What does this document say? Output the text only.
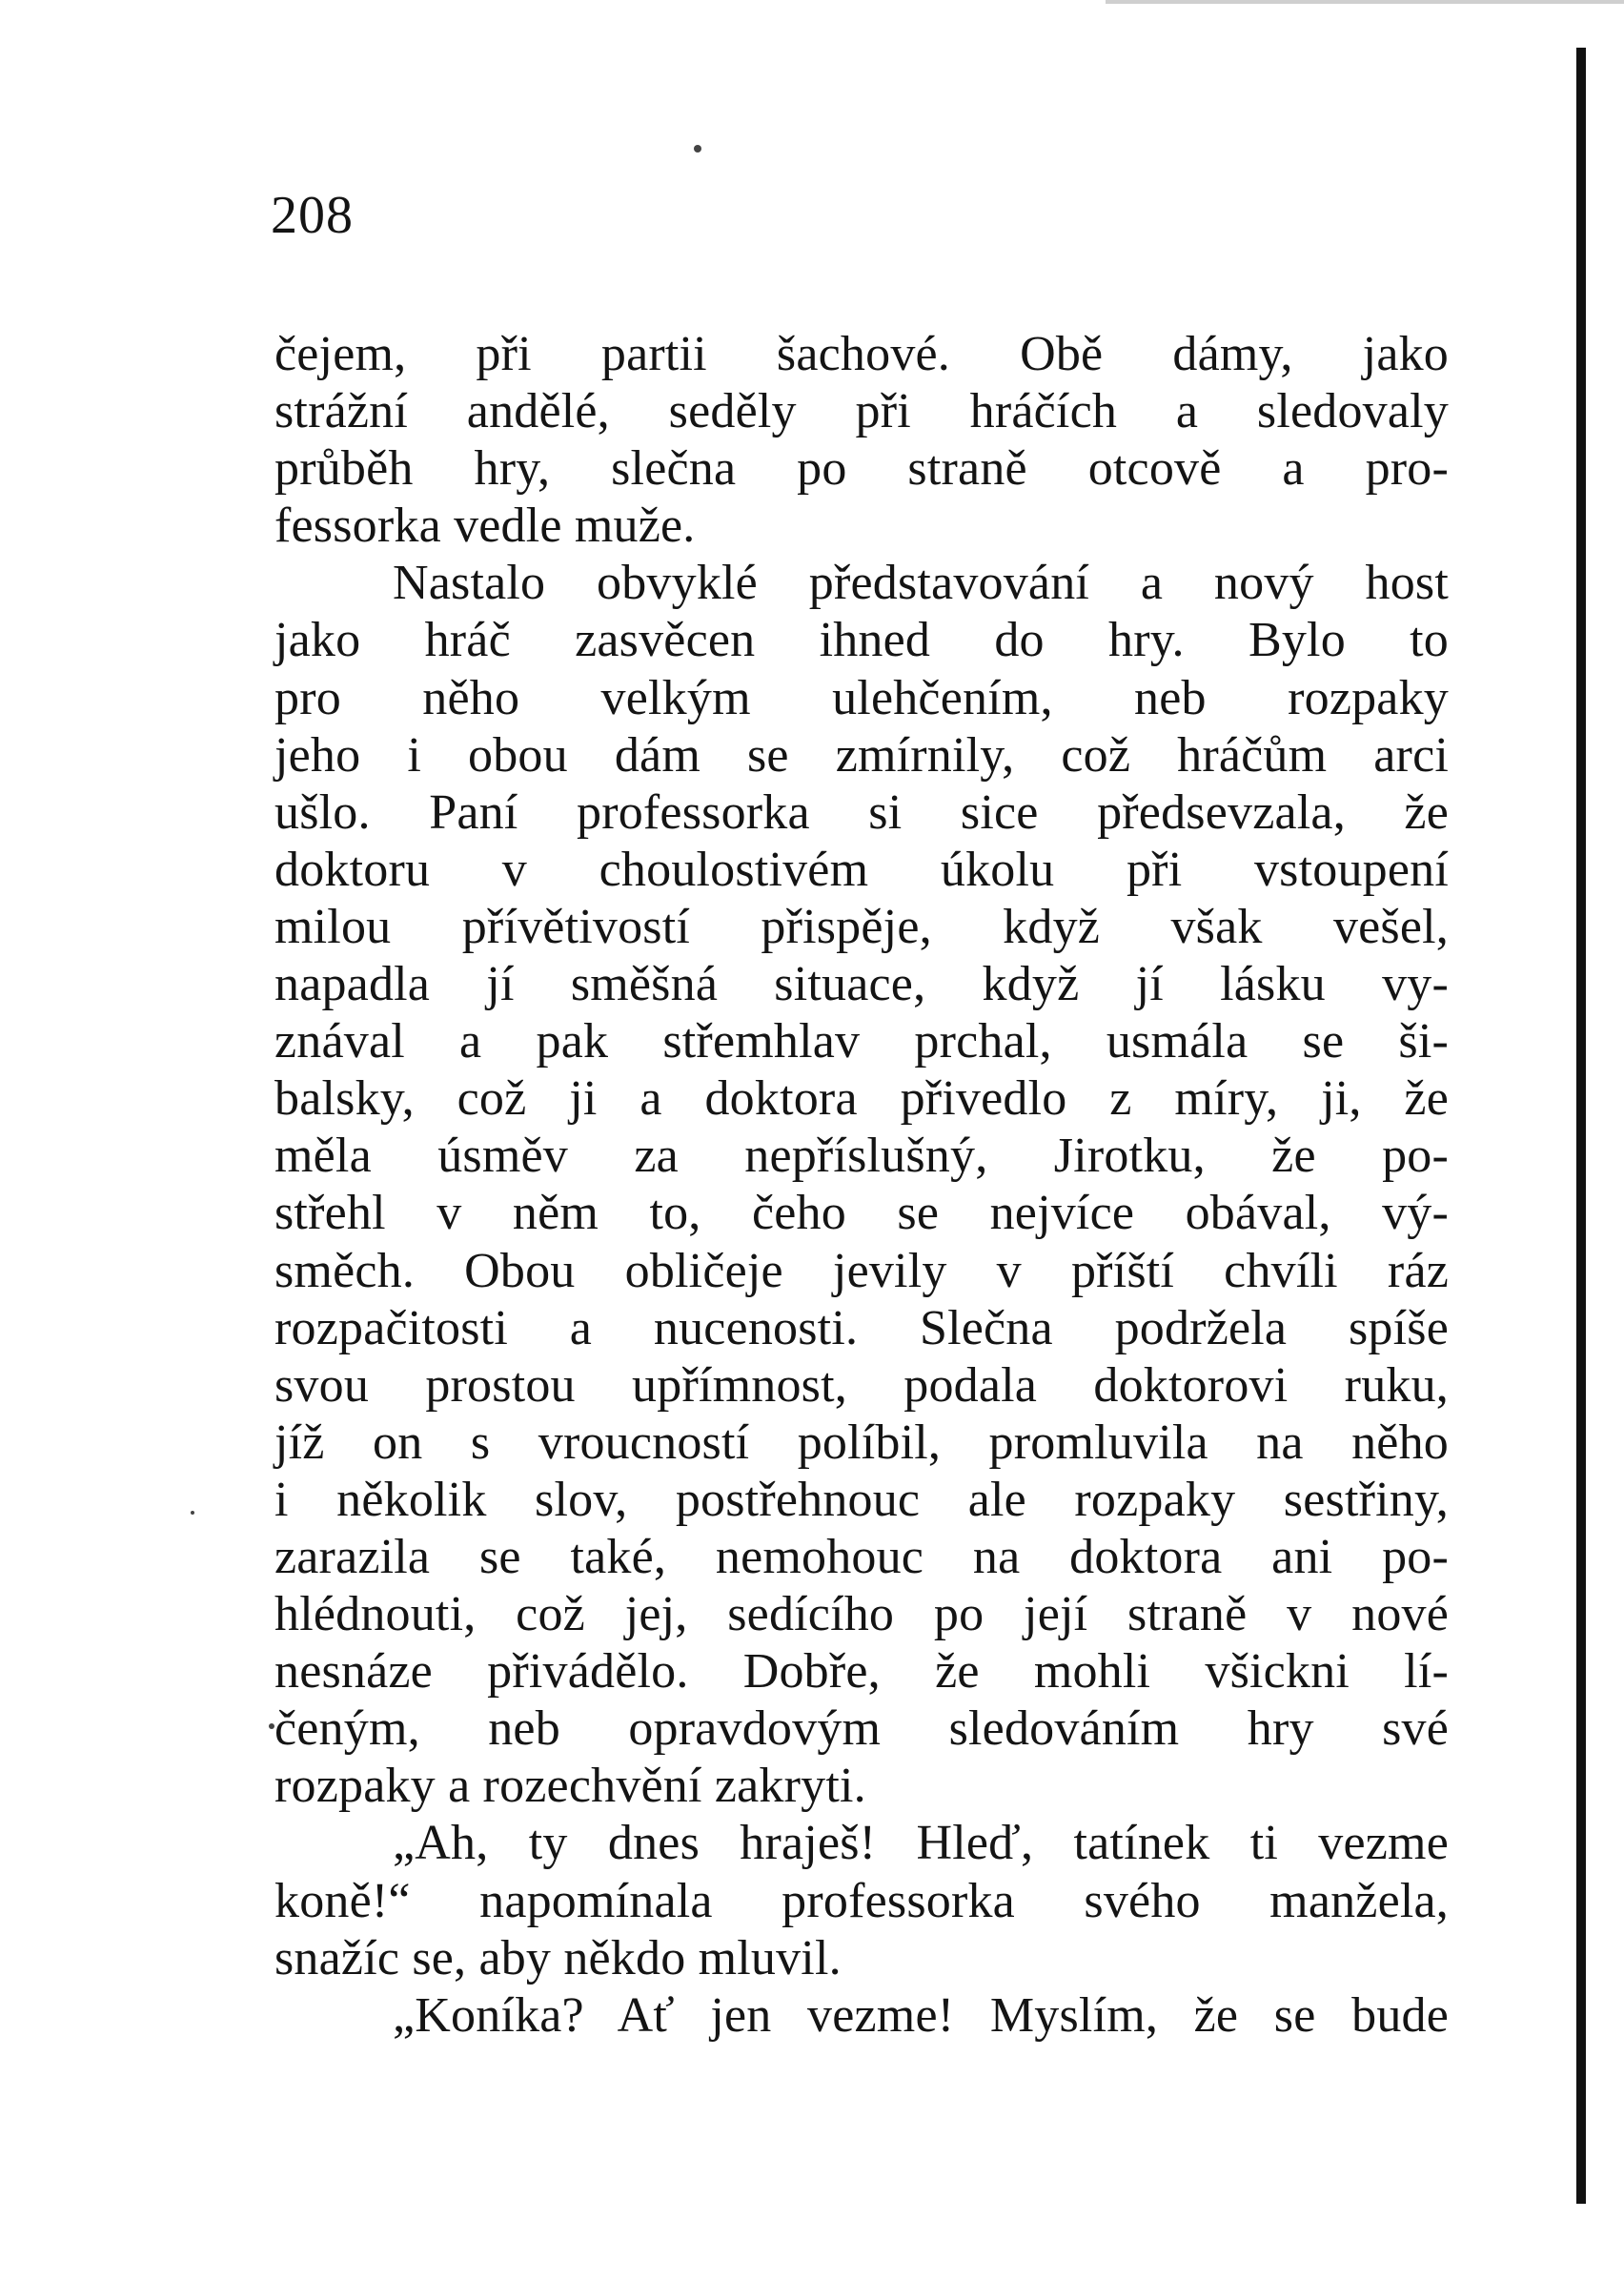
208
čejem, při partii šachové. Obě dámy, jako
strážní andělé, seděly při hráčích a sledovaly
průběh hry, slečna po straně otcově a pro-
fessorka vedle muže.
Nastalo obvyklé představování a nový host
jako hráč zasvěcen ihned do hry. Bylo to
pro něho velkým ulehčením, neb rozpaky
jeho i obou dám se zmírnily, což hráčům arci
ušlo. Paní professorka si sice předsevzala, že
doktoru v choulostivém úkolu při vstoupení
milou přívětivostí přispěje, když však vešel,
napadla jí směšná situace, když jí lásku vy-
znával a pak střemhlav prchal, usmála se ši-
balsky, což ji a doktora přivedlo z míry, ji, že
měla úsměv za nepříslušný, Jirotku, že po-
střehl v něm to, čeho se nejvíce obával, vý-
směch. Obou obličeje jevily v příští chvíli ráz
rozpačitosti a nucenosti. Slečna podržela spíše
svou prostou upřímnost, podala doktorovi ruku,
jíž on s vroucností políbil, promluvila na něho
i několik slov, postřehnouc ale rozpaky sestřiny,
zarazila se také, nemohouc na doktora ani po-
hlédnouti, což jej, sedícího po její straně v nové
nesnáze přivádělo. Dobře, že mohli všickni lí-
čeným, neb opravdovým sledováním hry své
rozpaky a rozechvění zakryti.
„Ah, ty dnes hraješ! Hleď, tatínek ti vezme
koně!“ napomínala professorka svého manžela,
snažíc se, aby někdo mluvil.
„Koníka? Ať jen vezme! Myslím, že se bude
